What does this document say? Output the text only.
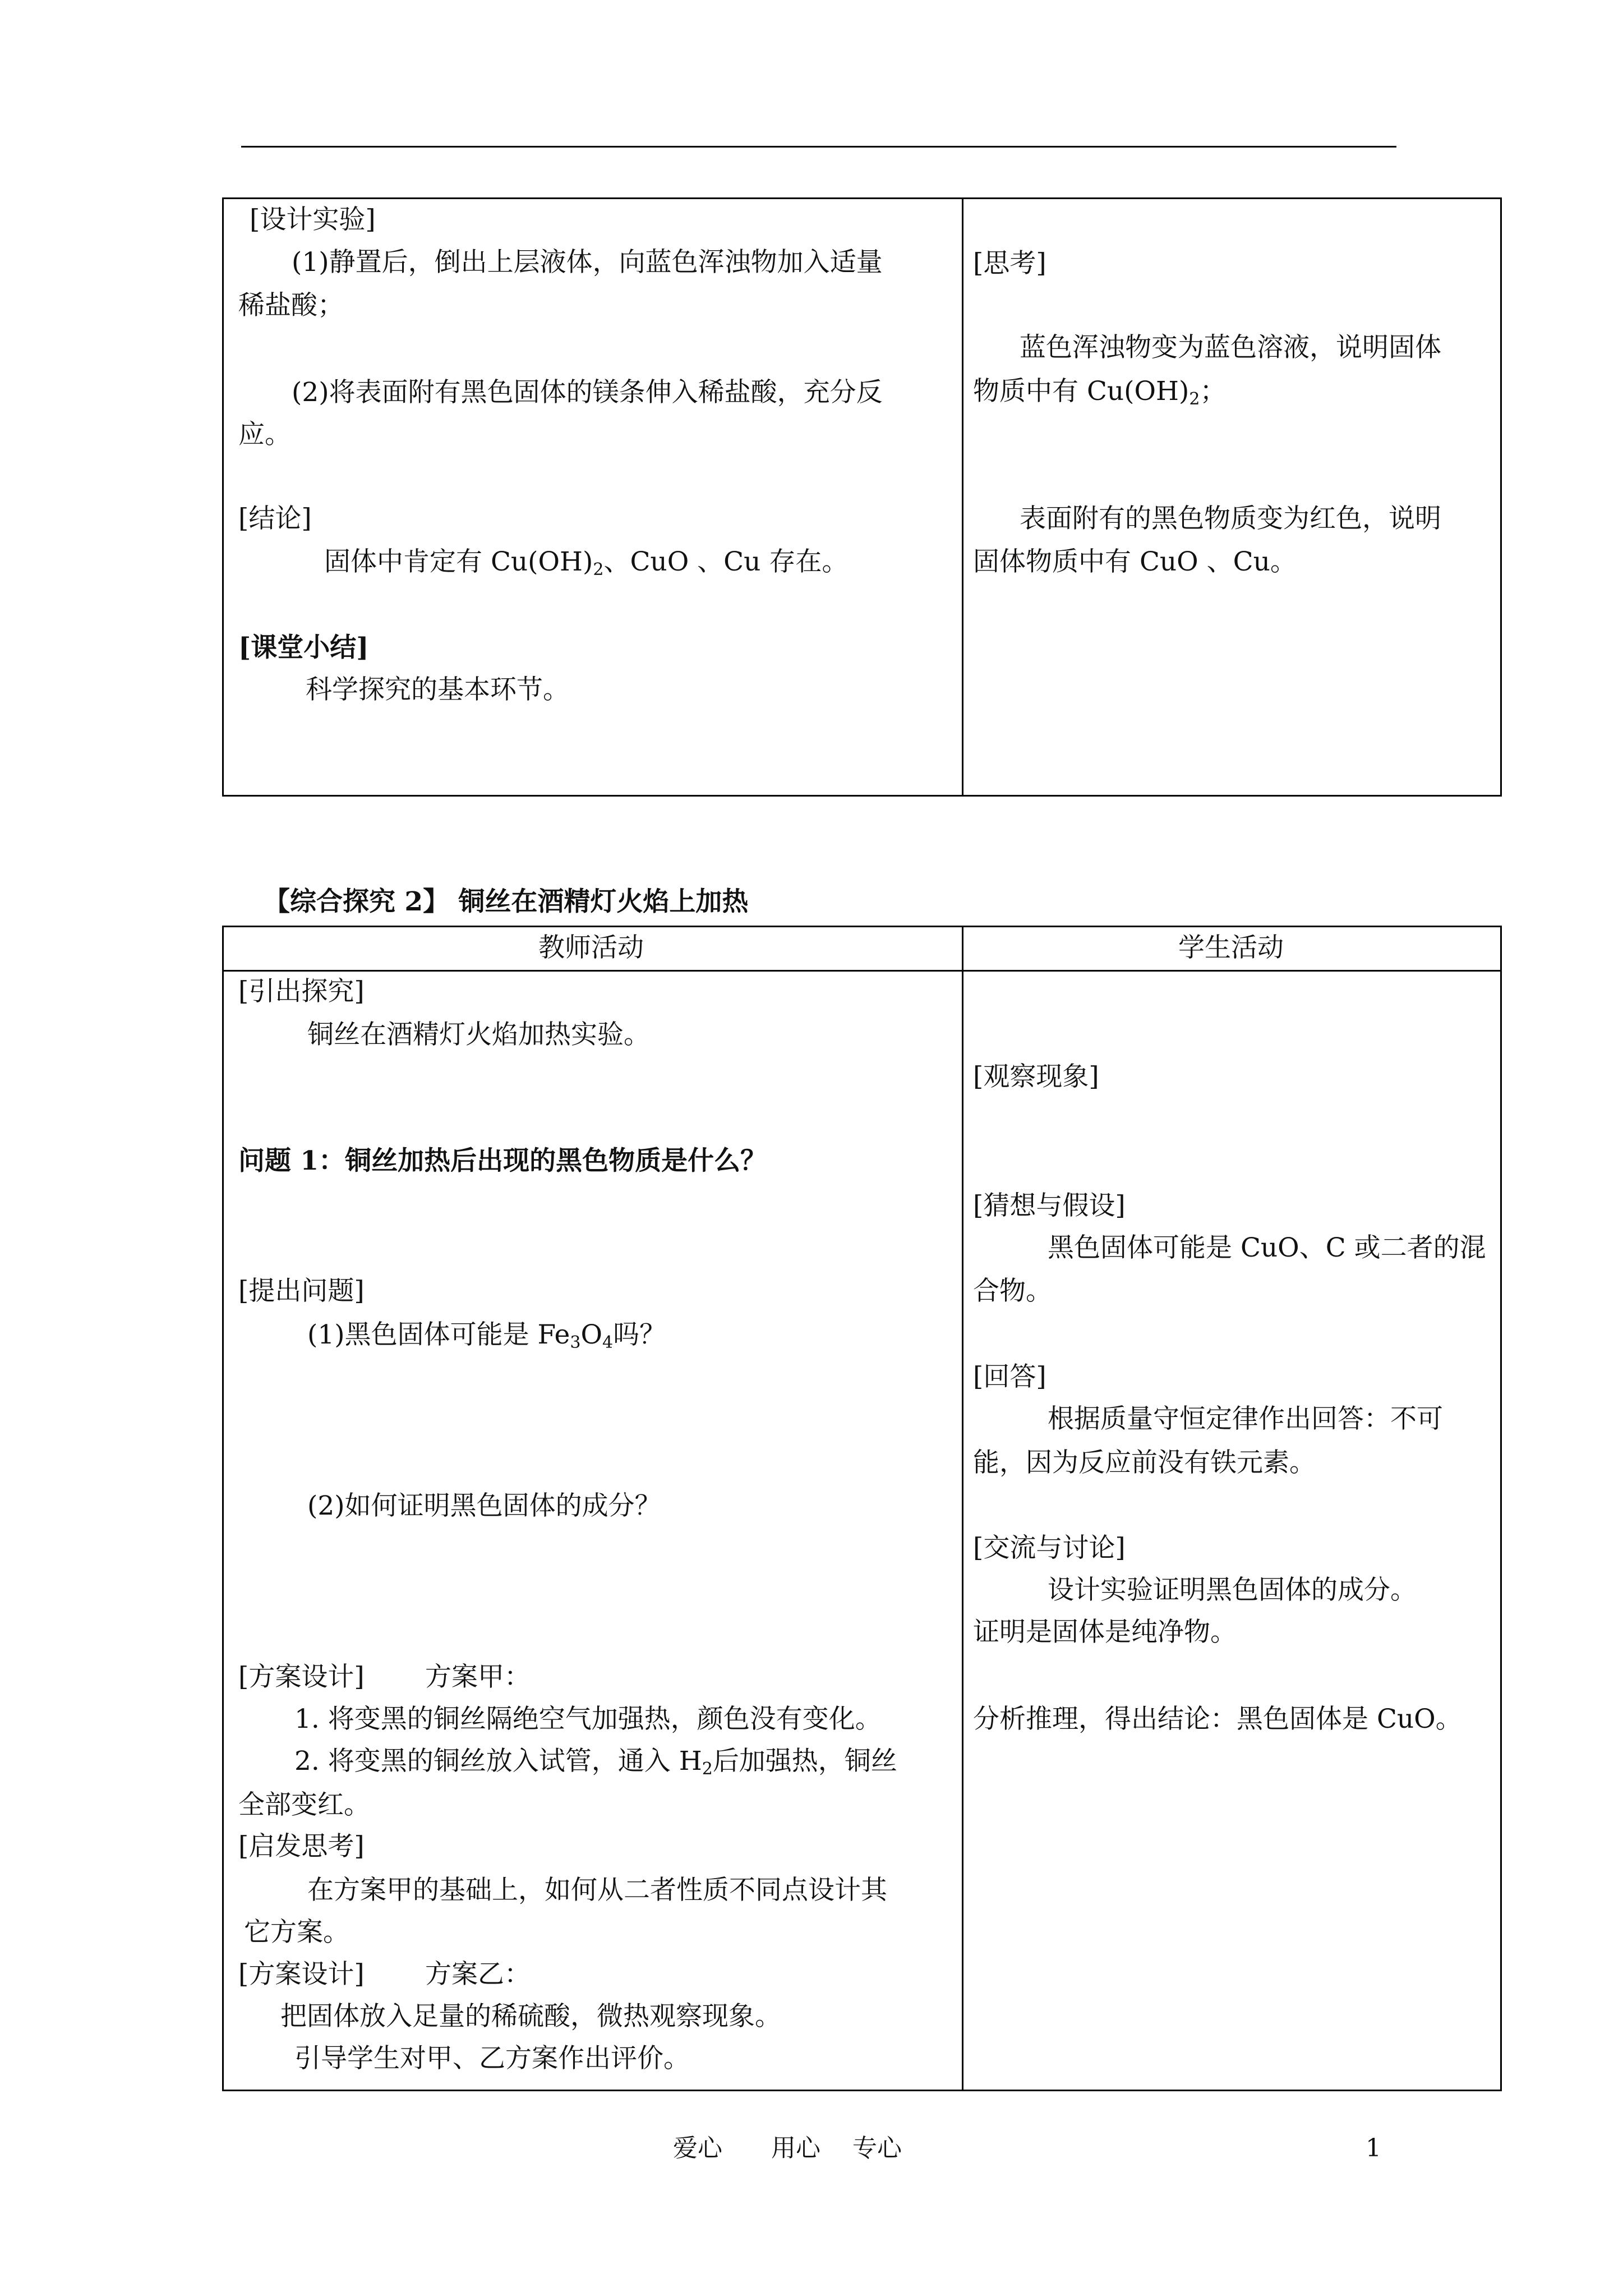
[设计实验]
(1)静置后，倒出上层液体，向蓝色浑浊物加入适量
稀盐酸；
(2)将表面附有黑色固体的镁条伸入稀盐酸，充分反
应。
[结论]
固体中肯定有 $Cu(OH)_2$、CuO 、Cu 存在。
[课堂小结]
科学探究的基本环节。
[思考]
蓝色浑浊物变为蓝色溶液，说明固体
物质中有 $Cu(OH)_2$；
表面附有的黑色物质变为红色，说明
固体物质中有 CuO 、Cu。
【综合探究 2】 铜丝在酒精灯火焰上加热
教师活动	学生活动
[引出探究]
铜丝在酒精灯火焰加热实验。
问题 1：铜丝加热后出现的黑色物质是什么？
[提出问题]
(1)黑色固体可能是 $Fe_3O_4$吗？
(2)如何证明黑色固体的成分？
[方案设计] 方案甲：
1. 将变黑的铜丝隔绝空气加强热，颜色没有变化。
2. 将变黑的铜丝放入试管，通入 $H_2$后加强热，铜丝
全部变红。
[启发思考]
在方案甲的基础上，如何从二者性质不同点设计其
它方案。
[方案设计] 方案乙：
把固体放入足量的稀硫酸，微热观察现象。
引导学生对甲、乙方案作出评价。
[观察现象]
[猜想与假设]
黑色固体可能是 CuO、C 或二者的混
合物。
[回答]
根据质量守恒定律作出回答：不可
能，因为反应前没有铁元素。
[交流与讨论]
设计实验证明黑色固体的成分。
证明是固体是纯净物。
分析推理，得出结论：黑色固体是 CuO。
爱心 用心 专心	1
